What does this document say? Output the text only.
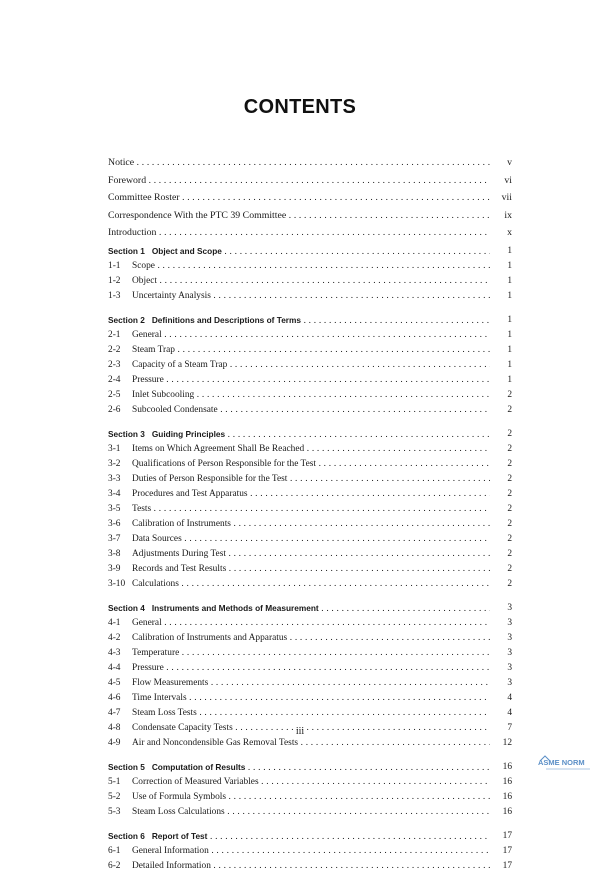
CONTENTS
Notice . . .	v
Foreword . . .	vi
Committee Roster . . .	vii
Correspondence With the PTC 39 Committee . . .	ix
Introduction . . .	x
Section 1 Object and Scope . . .	1
1-1 Scope . . .	1
1-2 Object . . .	1
1-3 Uncertainty Analysis . . .	1
Section 2 Definitions and Descriptions of Terms . . .	1
2-1 General . . .	1
2-2 Steam Trap . . .	1
2-3 Capacity of a Steam Trap . . .	1
2-4 Pressure . . .	1
2-5 Inlet Subcooling . . .	2
2-6 Subcooled Condensate . . .	2
Section 3 Guiding Principles . . .	2
3-1 Items on Which Agreement Shall Be Reached . . .	2
3-2 Qualifications of Person Responsible for the Test . . .	2
3-3 Duties of Person Responsible for the Test . . .	2
3-4 Procedures and Test Apparatus . . .	2
3-5 Tests . . .	2
3-6 Calibration of Instruments . . .	2
3-7 Data Sources . . .	2
3-8 Adjustments During Test . . .	2
3-9 Records and Test Results . . .	2
3-10 Calculations . . .	2
Section 4 Instruments and Methods of Measurement . . .	3
4-1 General . . .	3
4-2 Calibration of Instruments and Apparatus . . .	3
4-3 Temperature . . .	3
4-4 Pressure . . .	3
4-5 Flow Measurements . . .	3
4-6 Time Intervals . . .	4
4-7 Steam Loss Tests . . .	4
4-8 Condensate Capacity Tests . . .	7
4-9 Air and Noncondensible Gas Removal Tests . . .	12
Section 5 Computation of Results . . .	16
5-1 Correction of Measured Variables . . .	16
5-2 Use of Formula Symbols . . .	16
5-3 Steam Loss Calculations . . .	16
Section 6 Report of Test . . .	17
6-1 General Information . . .	17
6-2 Detailed Information . . .	17
iii
ASME NORM
